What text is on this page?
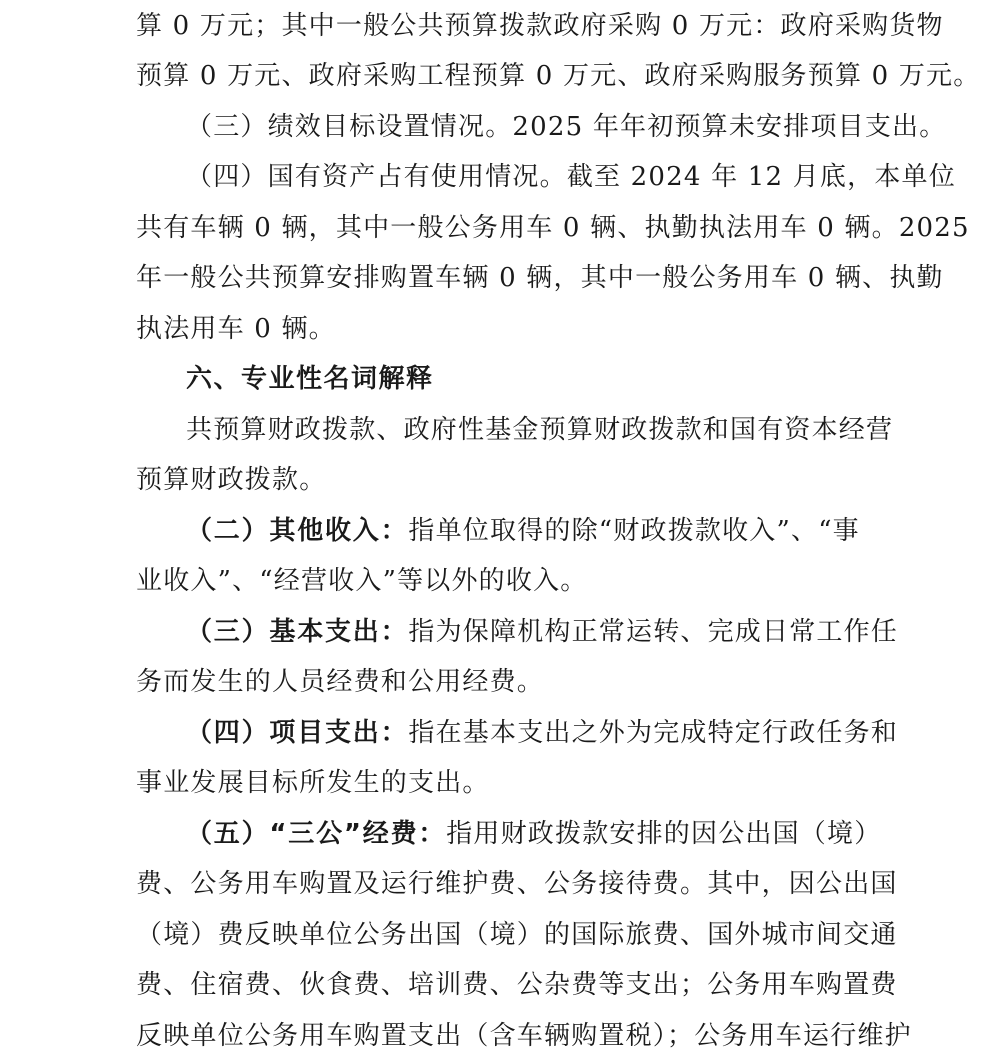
算 0 万元；其中一般公共预算拨款政府采购 0 万元：政府采购货物
预算 0 万元、政府采购工程预算 0 万元、政府采购服务预算 0 万元。
（三）绩效目标设置情况。2025 年年初预算未安排项目支出。
（四）国有资产占有使用情况。截至 2024 年 12 月底，本单位
共有车辆 0 辆，其中一般公务用车 0 辆、执勤执法用车 0 辆。2025
年一般公共预算安排购置车辆 0 辆，其中一般公务用车 0 辆、执勤
执法用车 0 辆。
六、专业性名词解释
共预算财政拨款、政府性基金预算财政拨款和国有资本经营
预算财政拨款。
（二）其他收入：指单位取得的除“财政拨款收入”、“事
业收入”、“经营收入”等以外的收入。
（三）基本支出：指为保障机构正常运转、完成日常工作任
务而发生的人员经费和公用经费。
（四）项目支出：指在基本支出之外为完成特定行政任务和
事业发展目标所发生的支出。
（五）“三公”经费：指用财政拨款安排的因公出国（境）
费、公务用车购置及运行维护费、公务接待费。其中，因公出国
（境）费反映单位公务出国（境）的国际旅费、国外城市间交通
费、住宿费、伙食费、培训费、公杂费等支出；公务用车购置费
反映单位公务用车购置支出（含车辆购置税）；公务用车运行维护
